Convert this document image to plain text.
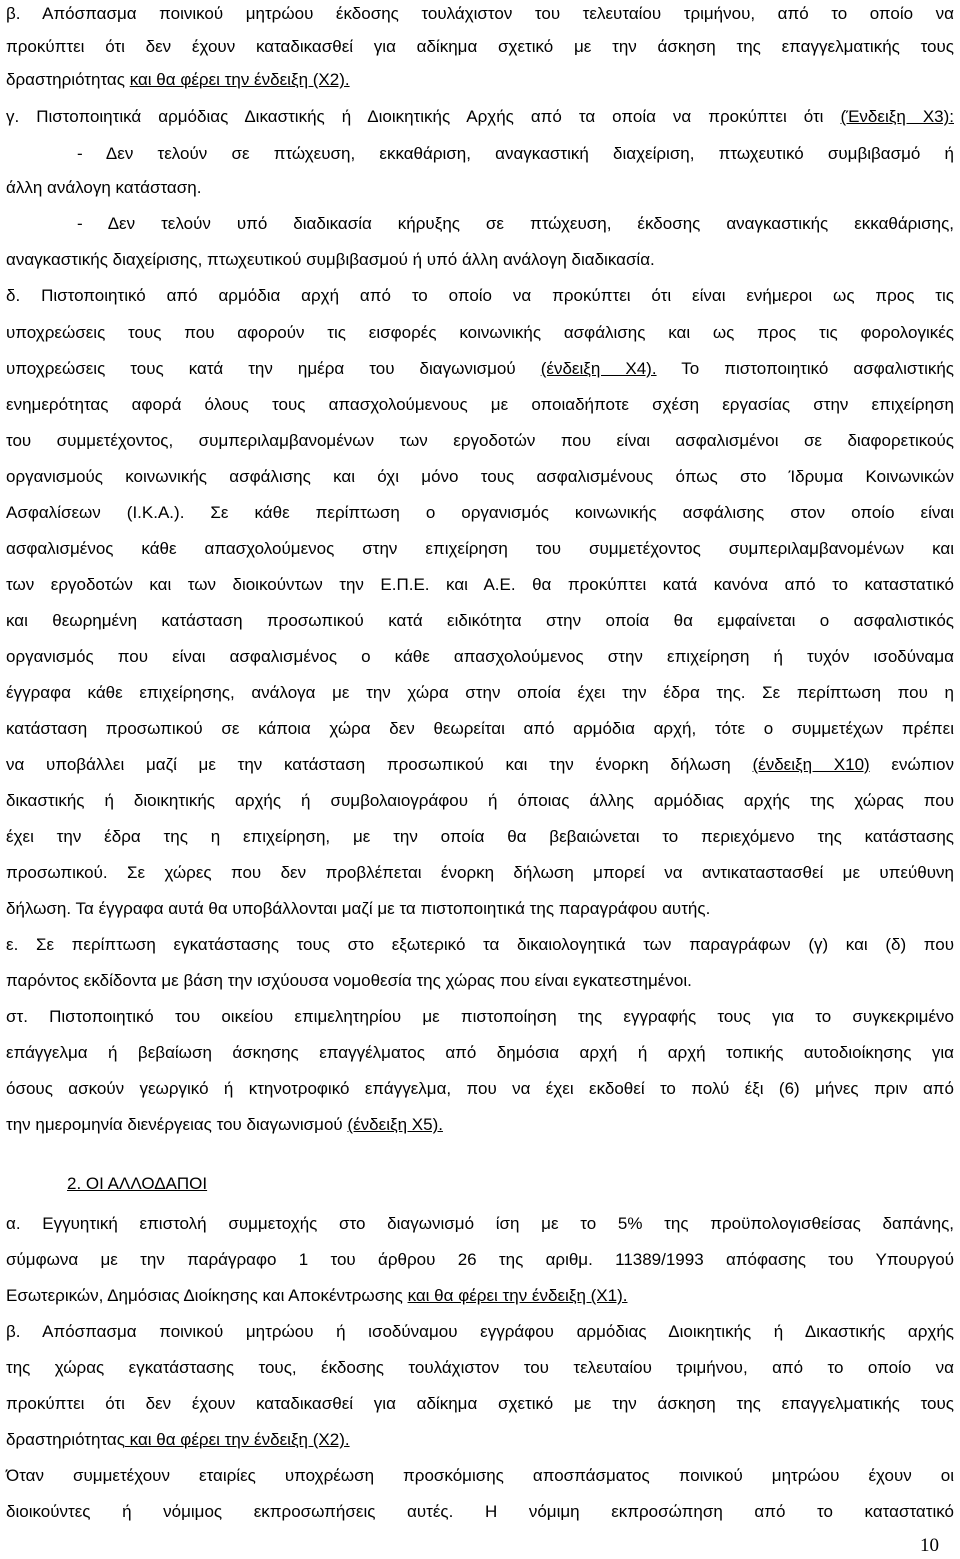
2. ΟΙ ΑΛΛΟΔΑΠΟΙ
β. Απόσπασμα ποινικού μητρώου έκδοσης τουλάχιστον του τελευταίου τριμήνου, από το οποίο να
προκύπτει ότι δεν έχουν καταδικασθεί για αδίκημα σχετικό με την άσκηση της επαγγελματικής τους
δραστηριότητας και θα φέρει την ένδειξη (Χ2).
γ. Πιστοποιητικά αρμόδιας Δικαστικής ή Διοικητικής Αρχής από τα οποία να προκύπτει ότι (Ένδειξη Χ3):
- Δεν τελούν σε πτώχευση, εκκαθάριση, αναγκαστική διαχείριση, πτωχευτικό συμβιβασμό ή
άλλη ανάλογη κατάσταση.
- Δεν τελούν υπό διαδικασία κήρυξης σε πτώχευση, έκδοσης αναγκαστικής εκκαθάρισης,
αναγκαστικής διαχείρισης, πτωχευτικού συμβιβασμού ή υπό άλλη ανάλογη διαδικασία.
δ. Πιστοποιητικό από αρμόδια αρχή από το οποίο να προκύπτει ότι είναι ενήμεροι ως προς τις
υποχρεώσεις τους που αφορούν τις εισφορές κοινωνικής ασφάλισης και ως προς τις φορολογικές
υποχρεώσεις τους κατά την ημέρα του διαγωνισμού (ένδειξη Χ4). Το πιστοποιητικό ασφαλιστικής
ενημερότητας αφορά όλους τους απασχολούμενους με οποιαδήποτε σχέση εργασίας στην επιχείρηση
του συμμετέχοντος, συμπεριλαμβανομένων των εργοδοτών που είναι ασφαλισμένοι σε διαφορετικούς
οργανισμούς κοινωνικής ασφάλισης και όχι μόνο τους ασφαλισμένους όπως στο Ίδρυμα Κοινωνικών
Ασφαλίσεων (Ι.Κ.Α.). Σε κάθε περίπτωση ο οργανισμός κοινωνικής ασφάλισης στον οποίο είναι
ασφαλισμένος κάθε απασχολούμενος στην επιχείρηση του συμμετέχοντος συμπεριλαμβανομένων και
των εργοδοτών και των διοικούντων την Ε.Π.Ε. και Α.Ε. θα προκύπτει κατά κανόνα από το καταστατικό
και θεωρημένη κατάσταση προσωπικού κατά ειδικότητα στην οποία θα εμφαίνεται ο ασφαλιστικός
οργανισμός που είναι ασφαλισμένος ο κάθε απασχολούμενος στην επιχείρηση ή τυχόν ισοδύναμα
έγγραφα κάθε επιχείρησης, ανάλογα με την χώρα στην οποία έχει την έδρα της. Σε περίπτωση που η
κατάσταση προσωπικού σε κάποια χώρα δεν θεωρείται από αρμόδια αρχή, τότε ο συμμετέχων πρέπει
να υποβάλλει μαζί με την κατάσταση προσωπικού και την ένορκη δήλωση (ένδειξη Χ10) ενώπιον
δικαστικής ή διοικητικής αρχής ή συμβολαιογράφου ή όποιας άλλης αρμόδιας αρχής της χώρας που
έχει την έδρα της η επιχείρηση, με την οποία θα βεβαιώνεται το περιεχόμενο της κατάστασης
προσωπικού. Σε χώρες που δεν προβλέπεται ένορκη δήλωση μπορεί να αντικαταστασθεί με υπεύθυνη
δήλωση. Τα έγγραφα αυτά θα υποβάλλονται μαζί με τα πιστοποιητικά της παραγράφου αυτής.
ε. Σε περίπτωση εγκατάστασης τους στο εξωτερικό τα δικαιολογητικά των παραγράφων (γ) και (δ) που
παρόντος εκδίδοντα με βάση την ισχύουσα νομοθεσία της χώρας που είναι εγκατεστημένοι.
στ. Πιστοποιητικό του οικείου επιμελητηρίου με πιστοποίηση της εγγραφής τους για το συγκεκριμένο
επάγγελμα ή βεβαίωση άσκησης επαγγέλματος από δημόσια αρχή ή αρχή τοπικής αυτοδιοίκησης για
όσους ασκούν γεωργικό ή κτηνοτροφικό επάγγελμα, που να έχει εκδοθεί το πολύ έξι (6) μήνες πριν από
την ημερομηνία διενέργειας του διαγωνισμού (ένδειξη Χ5).
α. Εγγυητική επιστολή συμμετοχής στο διαγωνισμό ίση με το 5% της προϋπολογισθείσας δαπάνης,
σύμφωνα με την παράγραφο 1 του άρθρου 26 της αριθμ. 11389/1993 απόφασης του Υπουργού
Εσωτερικών, Δημόσιας Διοίκησης και Αποκέντρωσης και θα φέρει την ένδειξη (Χ1).
β. Απόσπασμα ποινικού μητρώου ή ισοδύναμου εγγράφου αρμόδιας Διοικητικής ή Δικαστικής αρχής
της χώρας εγκατάστασης τους, έκδοσης τουλάχιστον του τελευταίου τριμήνου, από το οποίο να
προκύπτει ότι δεν έχουν καταδικασθεί για αδίκημα σχετικό με την άσκηση της επαγγελματικής τους
δραστηριότητας και θα φέρει την ένδειξη (Χ2).
Όταν συμμετέχουν εταιρίες υποχρέωση προσκόμισης αποσπάσματος ποινικού μητρώου έχουν οι
διοικούντες ή νόμιμος εκπροσωπήσεις αυτές. Η νόμιμη εκπροσώπηση από το καταστατικό
10
